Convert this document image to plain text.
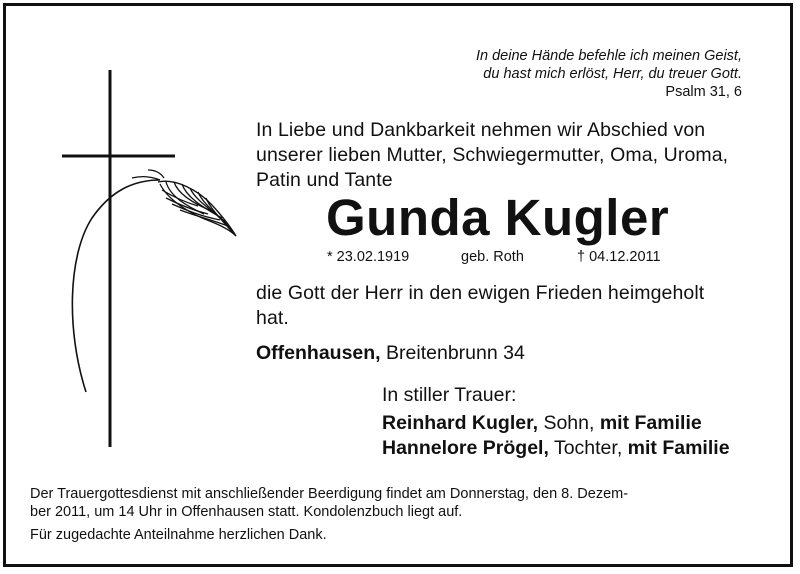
In deine Hände befehle ich meinen Geist,
du hast mich erlöst, Herr, du treuer Gott.
Psalm 31, 6
In Liebe und Dankbarkeit nehmen wir Abschied von
unserer lieben Mutter, Schwiegermutter, Oma, Uroma,
Patin und Tante
Gunda Kugler
* 23.02.1919	geb. Roth	† 04.12.2011
die Gott der Herr in den ewigen Frieden heimgeholt
hat.
Offenhausen, Breitenbrunn 34
In stiller Trauer:
Reinhard Kugler, Sohn, mit Familie
Hannelore Prögel, Tochter, mit Familie
Der Trauergottesdienst mit anschließender Beerdigung findet am Donnerstag, den 8. Dezem-
ber 2011, um 14 Uhr in Offenhausen statt. Kondolenzbuch liegt auf.
Für zugedachte Anteilnahme herzlichen Dank.
